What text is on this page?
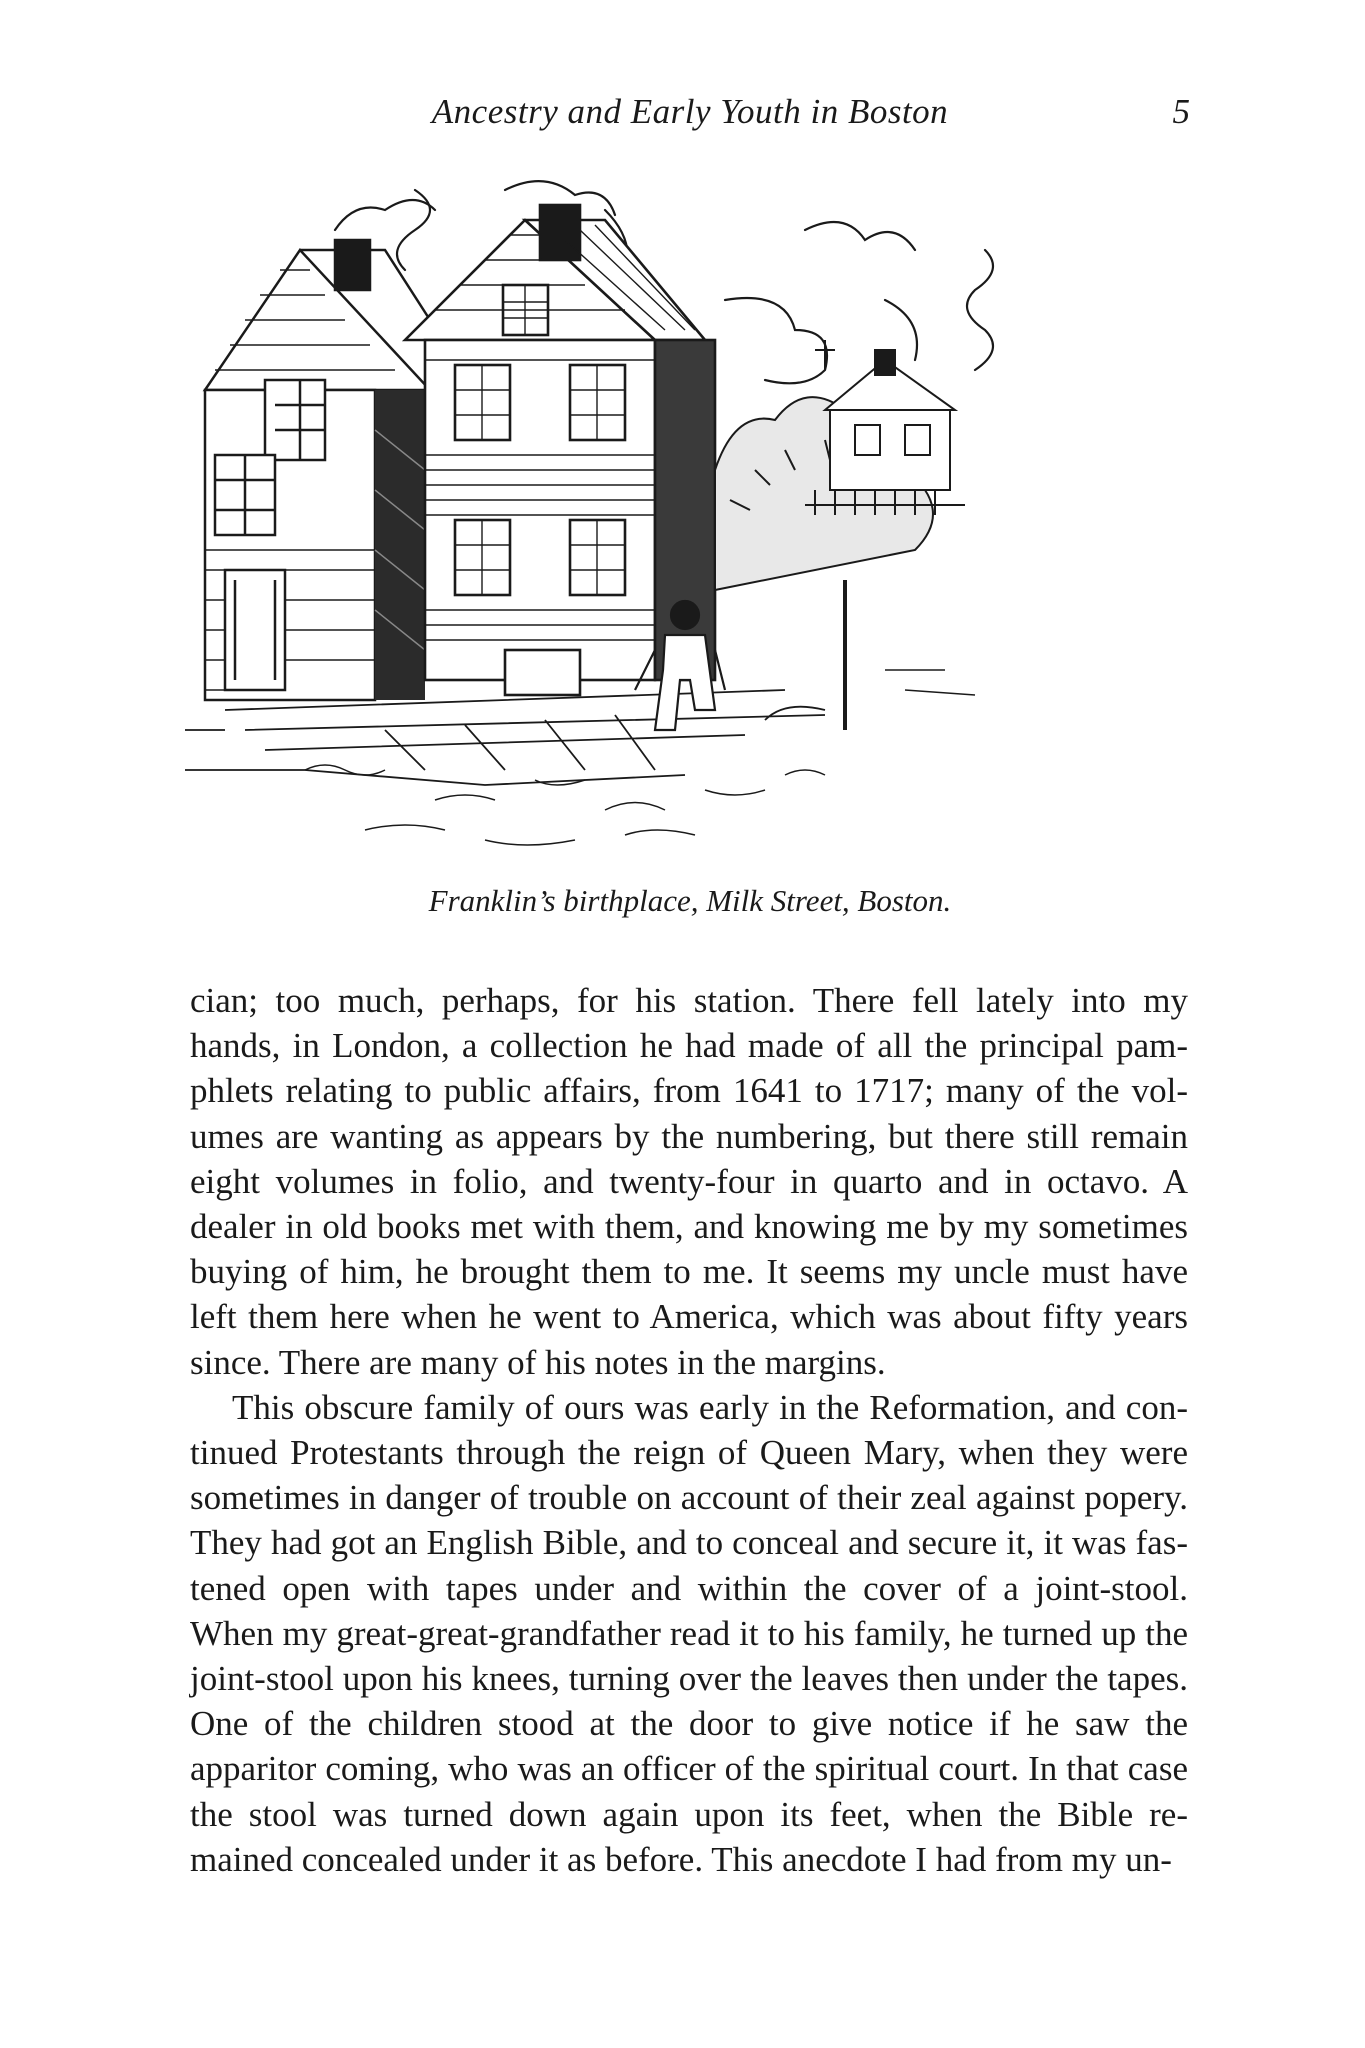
Ancestry and Early Youth in Boston	5
Franklin’s birthplace, Milk Street, Boston.

cian; too much, perhaps, for his station. There fell lately into my hands, in London, a collection he had made of all the principal pamphlets relating to public affairs, from 1641 to 1717; many of the volumes are wanting as appears by the numbering, but there still remain eight volumes in folio, and twenty-four in quarto and in octavo. A dealer in old books met with them, and knowing me by my sometimes buying of him, he brought them to me. It seems my uncle must have left them here when he went to America, which was about fifty years since. There are many of his notes in the margins.

This obscure family of ours was early in the Reformation, and continued Protestants through the reign of Queen Mary, when they were sometimes in danger of trouble on account of their zeal against popery. They had got an English Bible, and to conceal and secure it, it was fastened open with tapes under and within the cover of a joint-stool. When my great-great-grandfather read it to his family, he turned up the joint-stool upon his knees, turning over the leaves then under the tapes. One of the children stood at the door to give notice if he saw the apparitor coming, who was an officer of the spiritual court. In that case the stool was turned down again upon its feet, when the Bible remained concealed under it as before. This anecdote I had from my un-
